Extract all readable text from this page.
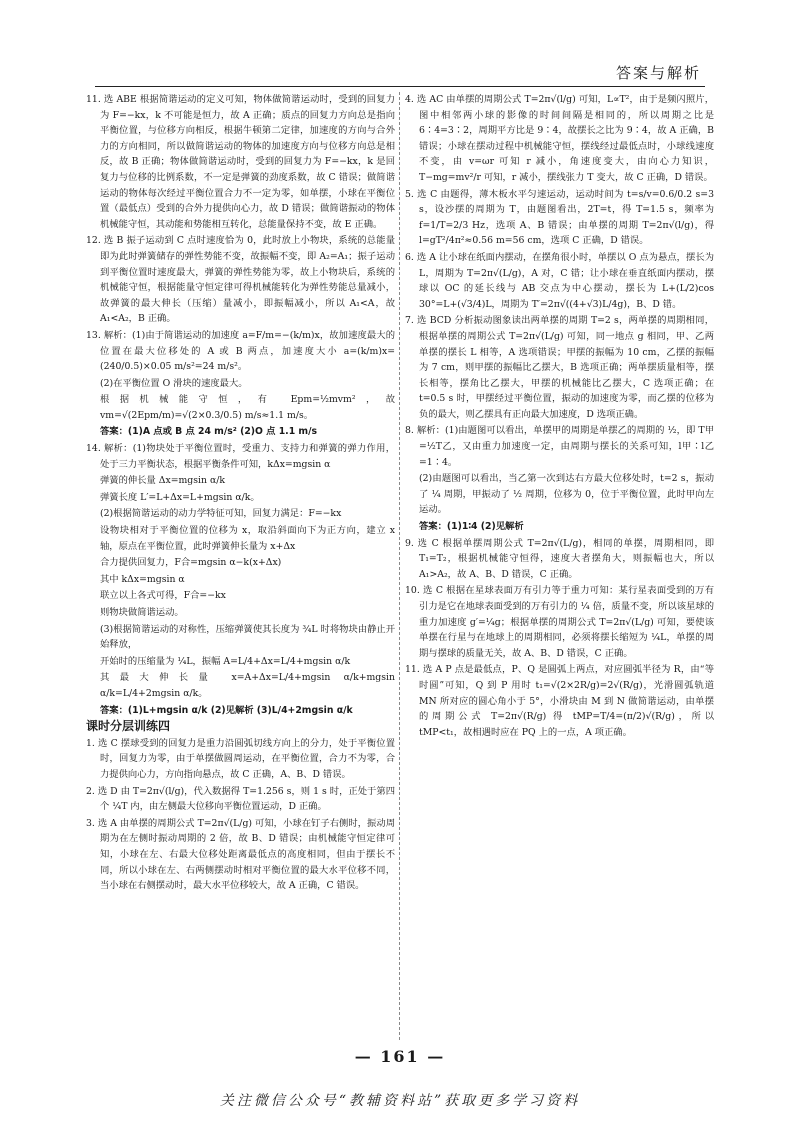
答案与解析

11. 选 ABE 根据简谐运动的定义可知，物体做简谐运动时，受到的回复力为 F=−kx，k 不可能是恒力，故 A 正确；质点的回复力方向总是指向平衡位置，与位移方向相反，根据牛顿第二定律，加速度的方向与合外力的方向相同，所以做简谐运动的物体的加速度方向与位移方向总是相反，故 B 正确；物体做简谐运动时，受到的回复力为 F=−kx，k 是回复力与位移的比例系数，不一定是弹簧的劲度系数，故 C 错误；做简谐运动的物体每次经过平衡位置合力不一定为零，如单摆，小球在平衡位置（最低点）受到的合外力提供向心力，故 D 错误；做简谐振动的物体机械能守恒，其动能和势能相互转化，总能量保持不变，故 E 正确。

12. 选 B 振子运动到 C 点时速度恰为 0，此时放上小物块，系统的总能量即为此时弹簧储存的弹性势能不变，故振幅不变，即 A₂=A₁；振子运动到平衡位置时速度最大，弹簧的弹性势能为零，故上小物块后，系统的机械能守恒，根据能量守恒定律可得机械能转化为弹性势能总量减小，故弹簧的最大伸长（压缩）量减小，即振幅减小，所以 A₁<A，故 A₁<A₂，B 正确。

13. 解析：(1)由于简谐运动的加速度 a=F/m=−(k/m)x，故加速度最大的位置在最大位移处的 A 或 B 两点，加速度大小 a=(k/m)x=(240/0.5)×0.05 m/s²=24 m/s²。

(2)在平衡位置 O 滑块的速度最大。

根据机械能守恒，有 Epm=½mvm²，故 vm=√(2Epm/m)=√(2×0.3/0.5) m/s≈1.1 m/s。

答案：(1)A 点或 B 点 24 m/s² (2)O 点 1.1 m/s

14. 解析：(1)物块处于平衡位置时，受重力、支持力和弹簧的弹力作用，处于三力平衡状态，根据平衡条件可知，kΔx=mgsin α

弹簧的伸长量 Δx=mgsin α/k

弹簧长度 L′=L+Δx=L+mgsin α/k。

(2)根据简谐运动的动力学特征可知，回复力满足：F=−kx

设物块相对于平衡位置的位移为 x，取沿斜面向下为正方向，建立 x 轴，原点在平衡位置，此时弹簧伸长量为 x+Δx

合力提供回复力，F合=mgsin α−k(x+Δx)

其中 kΔx=mgsin α

联立以上各式可得，F合=−kx

则物块做简谐运动。

(3)根据简谐运动的对称性，压缩弹簧使其长度为 ¾L 时将物块由静止开始释放，

开始时的压缩量为 ¼L，振幅 A=L/4+Δx=L/4+mgsin α/k

其最大伸长量 x=A+Δx=L/4+mgsin α/k+mgsin α/k=L/4+2mgsin α/k。

答案：(1)L+mgsin α/k (2)见解析 (3)L/4+2mgsin α/k

课时分层训练四

1. 选 C 摆球受到的回复力是重力沿圆弧切线方向上的分力，处于平衡位置时，回复力为零，由于单摆做圆周运动，在平衡位置，合力不为零，合力提供向心力，方向指向悬点，故 C 正确，A、B、D 错误。

2. 选 D 由 T=2π√(l/g)，代入数据得 T=1.256 s，则 1 s 时，正处于第四个 ¼T 内，由左侧最大位移向平衡位置运动，D 正确。

3. 选 A 由单摆的周期公式 T=2π√(L/g) 可知，小球在钉子右侧时，振动周期为在左侧时振动周期的 2 倍，故 B、D 错误；由机械能守恒定律可知，小球在左、右最大位移处距离最低点的高度相同，但由于摆长不同，所以小球在左、右两侧摆动时相对平衡位置的最大水平位移不同，当小球在右侧摆动时，最大水平位移较大，故 A 正确，C 错误。

4. 选 AC 由单摆的周期公式 T=2π√(l/g) 可知，L∝T²，由于是频闪照片，图中相邻两小球的影像的时间间隔是相同的，所以周期之比是 6∶4=3∶2，周期平方比是 9∶4，故摆长之比为 9∶4，故 A 正确，B 错误；小球在摆动过程中机械能守恒，摆线经过最低点时，小球线速度不变，由 v=ωr 可知 r 减小，角速度变大，由向心力知识，T−mg=mv²/r 可知，r 减小，摆线张力 T 变大，故 C 正确，D 错误。

5. 选 C 由题得，薄木板水平匀速运动，运动时间为 t=s/v=0.6/0.2 s=3 s，设沙摆的周期为 T，由题图看出，2T=t，得 T=1.5 s，频率为 f=1/T=2/3 Hz，选项 A、B 错误；由单摆的周期 T=2π√(l/g)，得 l=gT²/4π²≈0.56 m=56 cm，选项 C 正确，D 错误。

6. 选 A 让小球在纸面内摆动，在摆角很小时，单摆以 O 点为悬点，摆长为 L，周期为 T=2π√(L/g)，A 对，C 错；让小球在垂直纸面内摆动，摆球以 OC 的延长线与 AB 交点为中心摆动，摆长为 L+(L/2)cos 30°=L+(√3/4)L，周期为 T′=2π√((4+√3)L/4g)，B、D 错。

7. 选 BCD 分析振动图象读出两单摆的周期 T=2 s，两单摆的周期相同，根据单摆的周期公式 T=2π√(L/g) 可知，同一地点 g 相同，甲、乙两单摆的摆长 L 相等，A 选项错误；甲摆的振幅为 10 cm，乙摆的振幅为 7 cm，则甲摆的振幅比乙摆大，B 选项正确；两单摆质量相等，摆长相等，摆角比乙摆大，甲摆的机械能比乙摆大，C 选项正确；在 t=0.5 s 时，甲摆经过平衡位置，振动的加速度为零，而乙摆的位移为负的最大，则乙摆具有正向最大加速度，D 选项正确。

8. 解析：(1)由题图可以看出，单摆甲的周期是单摆乙的周期的 ½，即 T甲=½T乙，又由重力加速度一定，由周期与摆长的关系可知，l甲∶l乙=1∶4。

(2)由题图可以看出，当乙第一次到达右方最大位移处时，t=2 s，振动了 ¼ 周期，甲振动了 ½ 周期，位移为 0，位于平衡位置，此时甲向左运动。

答案：(1)1∶4 (2)见解析

9. 选 C 根据单摆周期公式 T=2π√(L/g)，相同的单摆，周期相同，即 T₁=T₂，根据机械能守恒得，速度大者摆角大，则振幅也大，所以 A₁>A₂，故 A、B、D 错误，C 正确。

10. 选 C 根据在星球表面万有引力等于重力可知：某行星表面受到的万有引力是它在地球表面受到的万有引力的 ¼ 倍，质量不变，所以该星球的重力加速度 g′=¼g；根据单摆的周期公式 T=2π√(L/g) 可知，要使该单摆在行星与在地球上的周期相同，必须将摆长缩短为 ¼L，单摆的周期与摆球的质量无关，故 A、B、D 错误，C 正确。

11. 选 A P 点是最低点，P、Q 是圆弧上两点，对应圆弧半径为 R，由“等时圆”可知，Q 到 P 用时 t₁=√(2×2R/g)=2√(R/g)，光滑圆弧轨道 MN 所对应的圆心角小于 5°，小滑块由 M 到 N 做简谐运动，由单摆的周期公式 T=2π√(R/g) 得 tMP=T/4=(π/2)√(R/g)，所以 tMP<t₁，故相遇时应在 PQ 上的一点，A 项正确。

— 161 —
关注微信公众号“教辅资料站”获取更多学习资料
